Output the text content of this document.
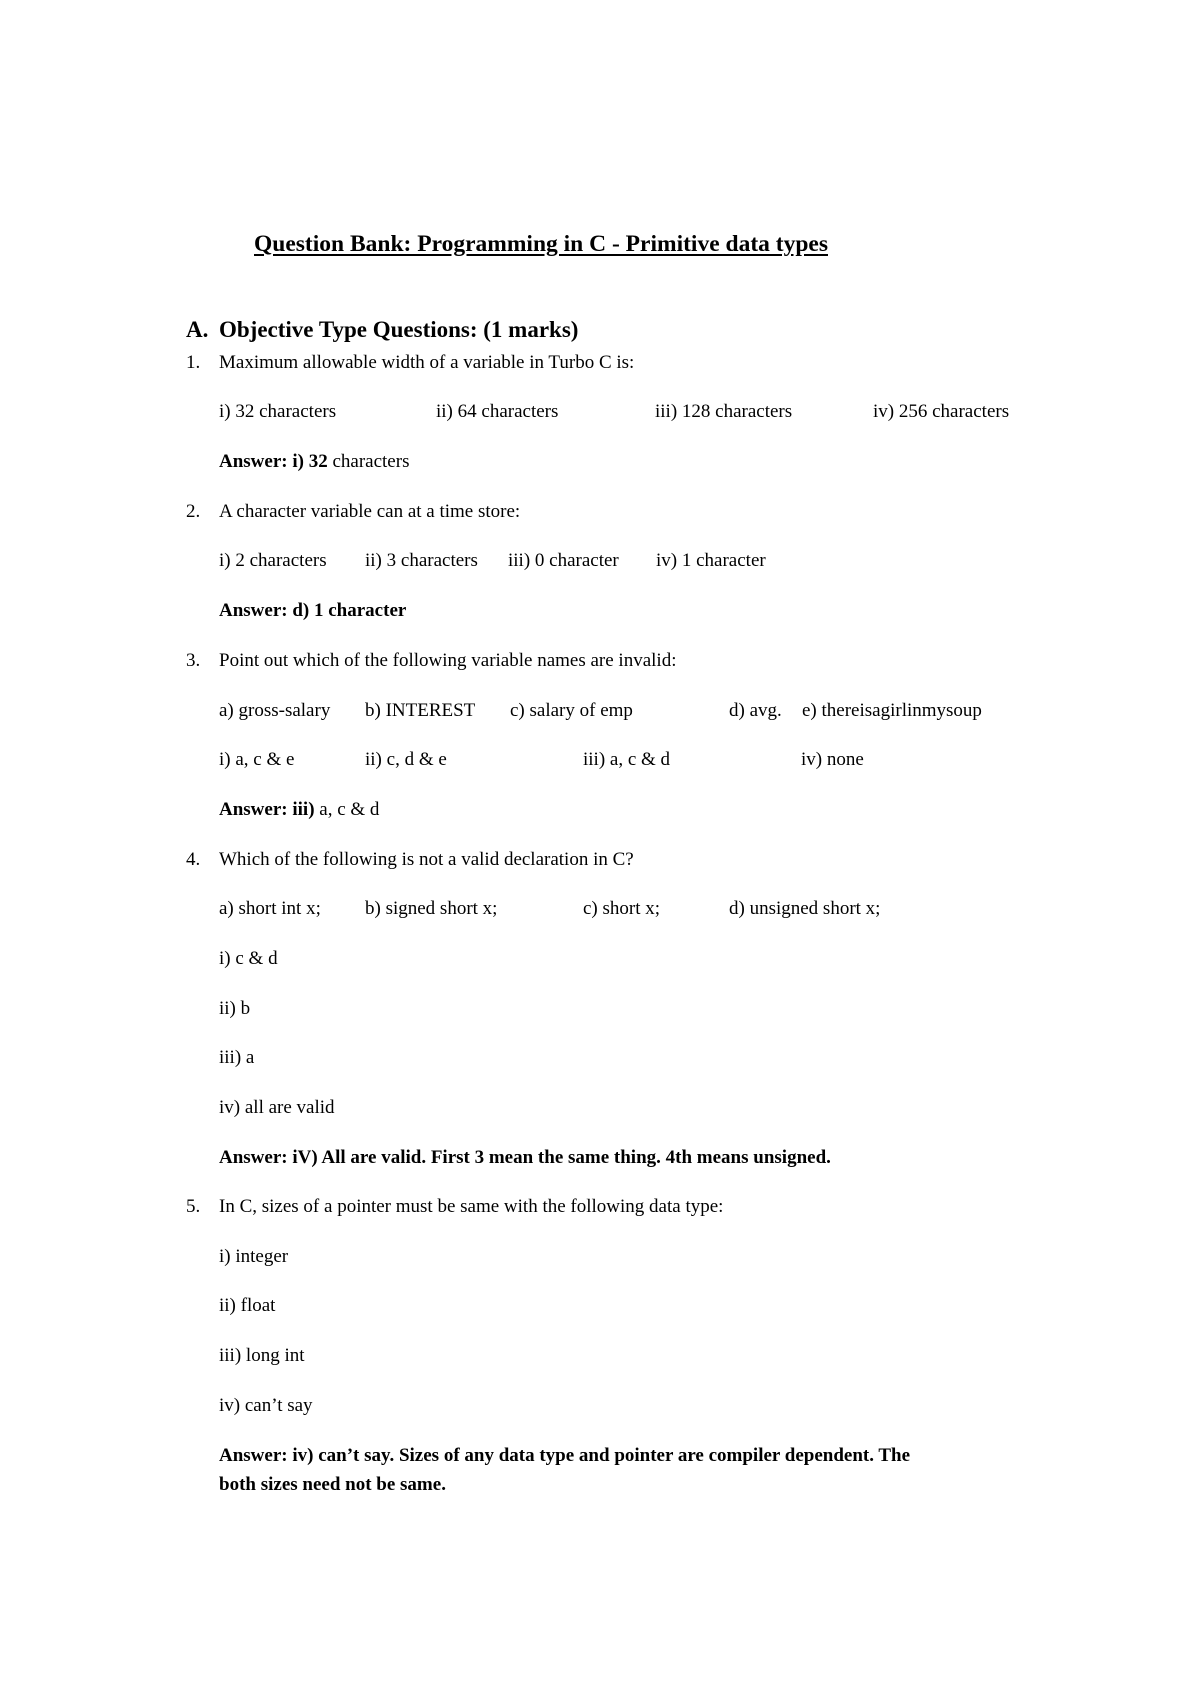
Question Bank: Programming in C - Primitive data types
A. Objective Type Questions: (1 marks)
1. Maximum allowable width of a variable in Turbo C is:
i) 32 characters	ii) 64 characters	iii) 128 characters	iv) 256 characters
Answer: i) 32 characters
2. A character variable can at a time store:
i) 2 characters ii) 3 characters iii) 0 character iv) 1 character
Answer: d) 1 character
3. Point out which of the following variable names are invalid:
a) gross-salary b) INTEREST c) salary of emp	d) avg. e) thereisagirlinmysoup
i) a, c & e	ii) c, d & e	iii) a, c & d	iv) none
Answer: iii) a, c & d
4. Which of the following is not a valid declaration in C?
a) short int x; b) signed short x;	c) short x;	d) unsigned short x;
i) c & d
ii) b
iii) a
iv) all are valid
Answer: iV) All are valid. First 3 mean the same thing. 4th means unsigned.
5. In C, sizes of a pointer must be same with the following data type:
i) integer
ii) float
iii) long int
iv) can’t say
Answer: iv) can’t say. Sizes of any data type and pointer are compiler dependent. The
both sizes need not be same.
